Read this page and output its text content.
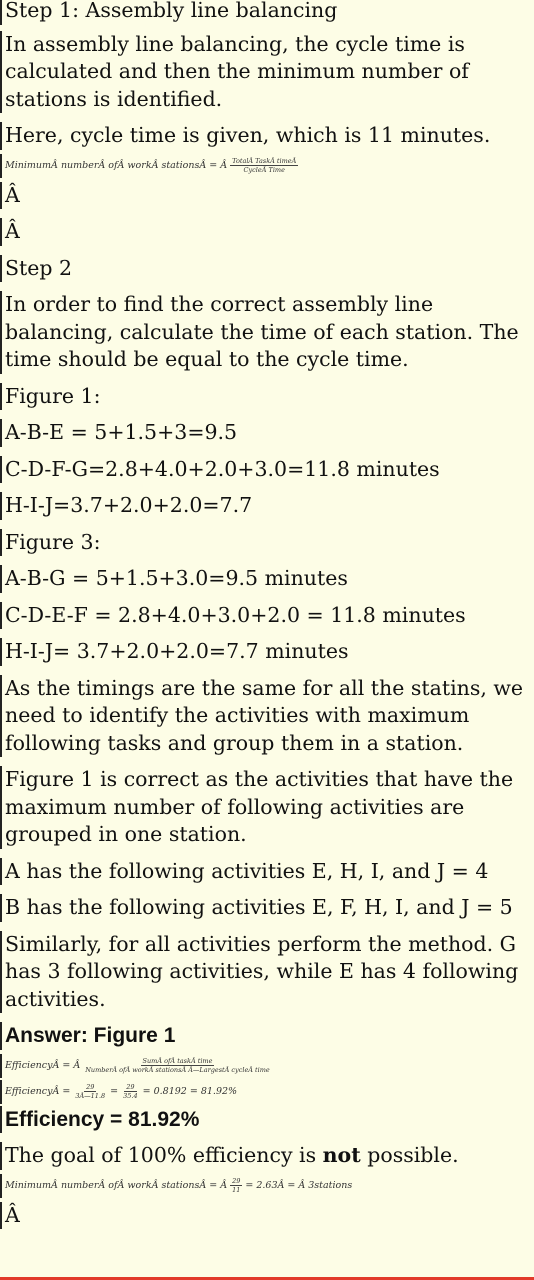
Step 1: Assembly line balancing

In assembly line balancing, the cycle time is calculated and then the minimum number of stations is identified.

Here, cycle time is given, which is 11 minutes.

MinimumÂ numberÂ ofÂ workÂ stationsÂ = Â $\frac{\text{TotalÂ TaskÂ timeÂ}}{\text{CycleÂ Time}}$

Â

Â

Step 2

In order to find the correct assembly line balancing, calculate the time of each station. The time should be equal to the cycle time.

Figure 1:

A-B-E = 5+1.5+3=9.5

C-D-F-G=2.8+4.0+2.0+3.0=11.8 minutes

H-I-J=3.7+2.0+2.0=7.7

Figure 3:

A-B-G = 5+1.5+3.0=9.5 minutes

C-D-E-F = 2.8+4.0+3.0+2.0 = 11.8 minutes

H-I-J= 3.7+2.0+2.0=7.7 minutes

As the timings are the same for all the statins, we need to identify the activities with maximum following tasks and group them in a station.

Figure 1 is correct as the activities that have the maximum number of following activities are grouped in one station.

A has the following activities E, H, I, and J = 4

B has the following activities E, F, H, I, and J = 5

Similarly, for all activities perform the method. G has 3 following activities, while E has 4 following activities.

Answer: Figure 1

EfficiencyÂ = Â $\frac{\text{SumÂ ofÂ taskÂ time}}{\text{NumberÂ ofÂ workÂ stationsÂ Â—LargestÂ cycleÂ time}}$
EfficiencyÂ = $\frac{29}{3Â—11.8} = \frac{29}{35.4} = 0.8192 = 81.92\%$

Efficiency = 81.92%

The goal of 100% efficiency is not possible.

MinimumÂ numberÂ ofÂ workÂ stationsÂ = Â $\frac{29}{11}$ = 2.63Â = Â 3stations

Â
